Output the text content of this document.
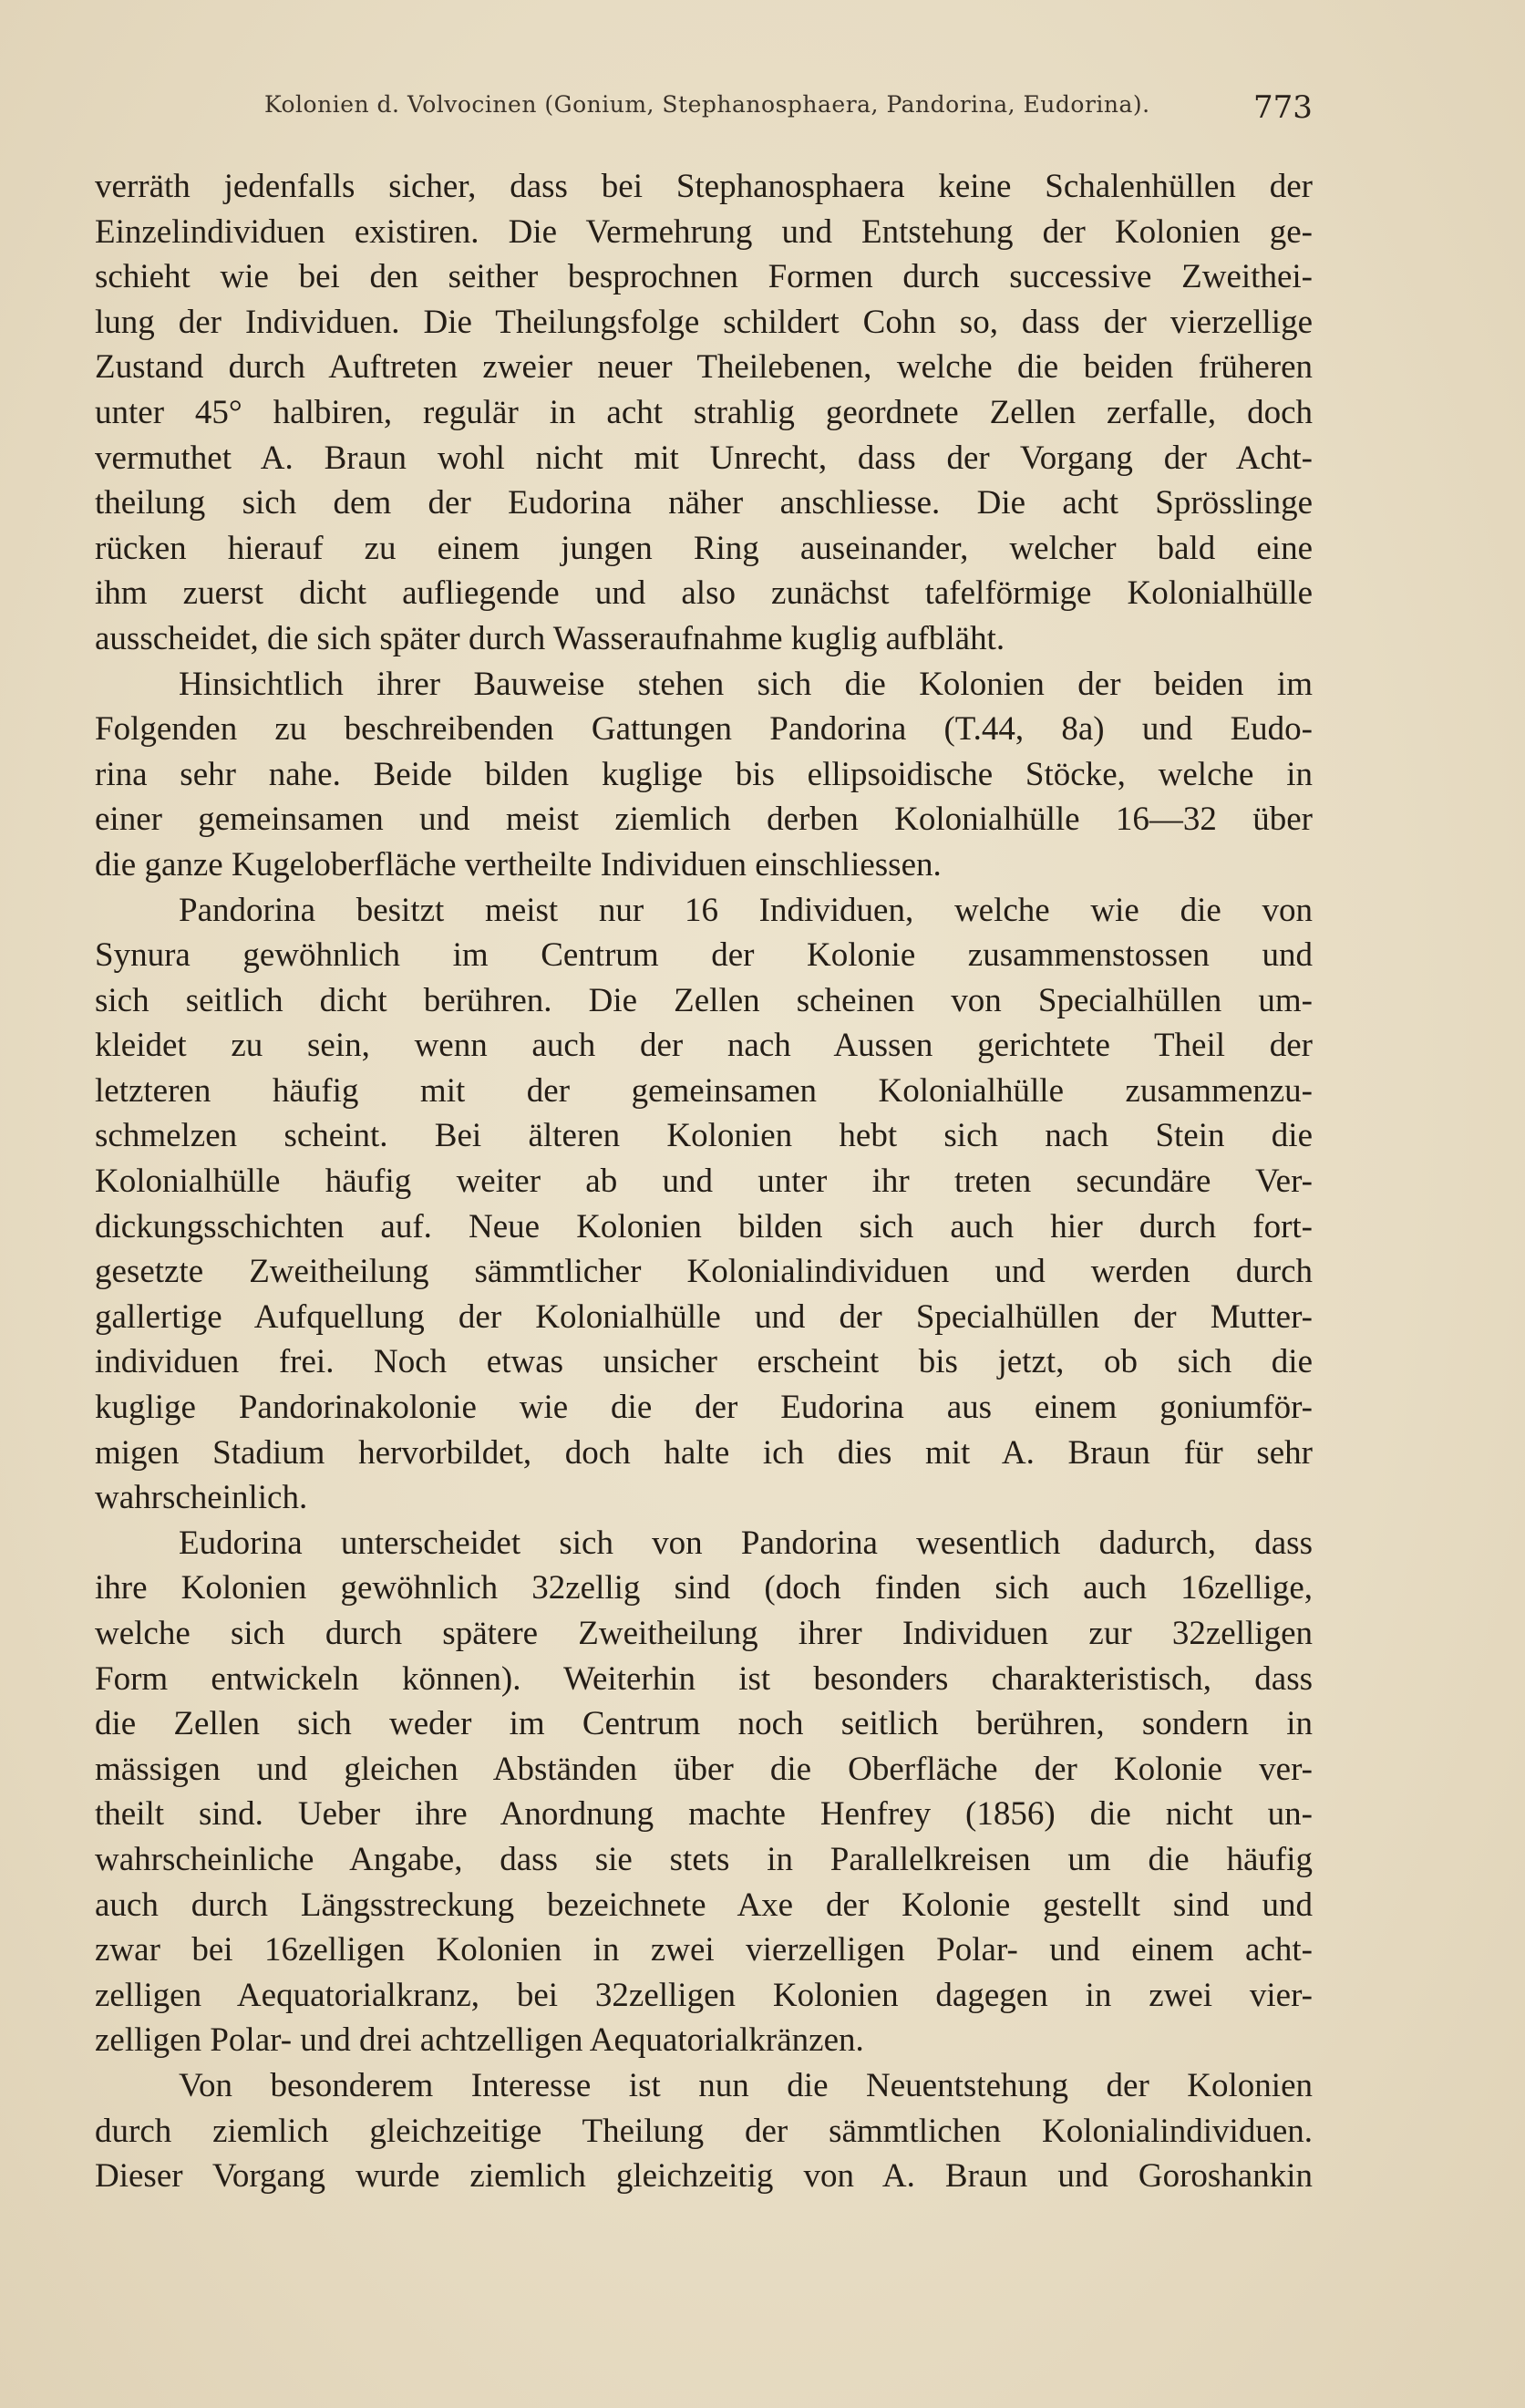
Kolonien d. Volvocinen (Gonium, Stephanosphaera, Pandorina, Eudorina).	773
verräth jedenfalls sicher, dass bei Stephanosphaera keine Schalenhüllen der
Einzelindividuen existiren. Die Vermehrung und Entstehung der Kolonien ge-
schieht wie bei den seither besprochnen Formen durch successive Zweithei-
lung der Individuen. Die Theilungsfolge schildert Cohn so, dass der vierzellige
Zustand durch Auftreten zweier neuer Theilebenen, welche die beiden früheren
unter 45° halbiren, regulär in acht strahlig geordnete Zellen zerfalle, doch
vermuthet A. Braun wohl nicht mit Unrecht, dass der Vorgang der Acht-
theilung sich dem der Eudorina näher anschliesse. Die acht Sprösslinge
rücken hierauf zu einem jungen Ring auseinander, welcher bald eine
ihm zuerst dicht aufliegende und also zunächst tafelförmige Kolonialhülle
ausscheidet, die sich später durch Wasseraufnahme kuglig aufbläht.
Hinsichtlich ihrer Bauweise stehen sich die Kolonien der beiden im
Folgenden zu beschreibenden Gattungen Pandorina (T.44, 8a) und Eudo-
rina sehr nahe. Beide bilden kuglige bis ellipsoidische Stöcke, welche in
einer gemeinsamen und meist ziemlich derben Kolonialhülle 16—32 über
die ganze Kugeloberfläche vertheilte Individuen einschliessen.
Pandorina besitzt meist nur 16 Individuen, welche wie die von
Synura gewöhnlich im Centrum der Kolonie zusammenstossen und
sich seitlich dicht berühren. Die Zellen scheinen von Specialhüllen um-
kleidet zu sein, wenn auch der nach Aussen gerichtete Theil der
letzteren häufig mit der gemeinsamen Kolonialhülle zusammenzu-
schmelzen scheint. Bei älteren Kolonien hebt sich nach Stein die
Kolonialhülle häufig weiter ab und unter ihr treten secundäre Ver-
dickungsschichten auf. Neue Kolonien bilden sich auch hier durch fort-
gesetzte Zweitheilung sämmtlicher Kolonialindividuen und werden durch
gallertige Aufquellung der Kolonialhülle und der Specialhüllen der Mutter-
individuen frei. Noch etwas unsicher erscheint bis jetzt, ob sich die
kuglige Pandorinakolonie wie die der Eudorina aus einem goniumför-
migen Stadium hervorbildet, doch halte ich dies mit A. Braun für sehr
wahrscheinlich.
Eudorina unterscheidet sich von Pandorina wesentlich dadurch, dass
ihre Kolonien gewöhnlich 32zellig sind (doch finden sich auch 16zellige,
welche sich durch spätere Zweitheilung ihrer Individuen zur 32zelligen
Form entwickeln können). Weiterhin ist besonders charakteristisch, dass
die Zellen sich weder im Centrum noch seitlich berühren, sondern in
mässigen und gleichen Abständen über die Oberfläche der Kolonie ver-
theilt sind. Ueber ihre Anordnung machte Henfrey (1856) die nicht un-
wahrscheinliche Angabe, dass sie stets in Parallelkreisen um die häufig
auch durch Längsstreckung bezeichnete Axe der Kolonie gestellt sind und
zwar bei 16zelligen Kolonien in zwei vierzelligen Polar- und einem acht-
zelligen Aequatorialkranz, bei 32zelligen Kolonien dagegen in zwei vier-
zelligen Polar- und drei achtzelligen Aequatorialkränzen.
Von besonderem Interesse ist nun die Neuentstehung der Kolonien
durch ziemlich gleichzeitige Theilung der sämmtlichen Kolonialindividuen.
Dieser Vorgang wurde ziemlich gleichzeitig von A. Braun und Goroshankin
